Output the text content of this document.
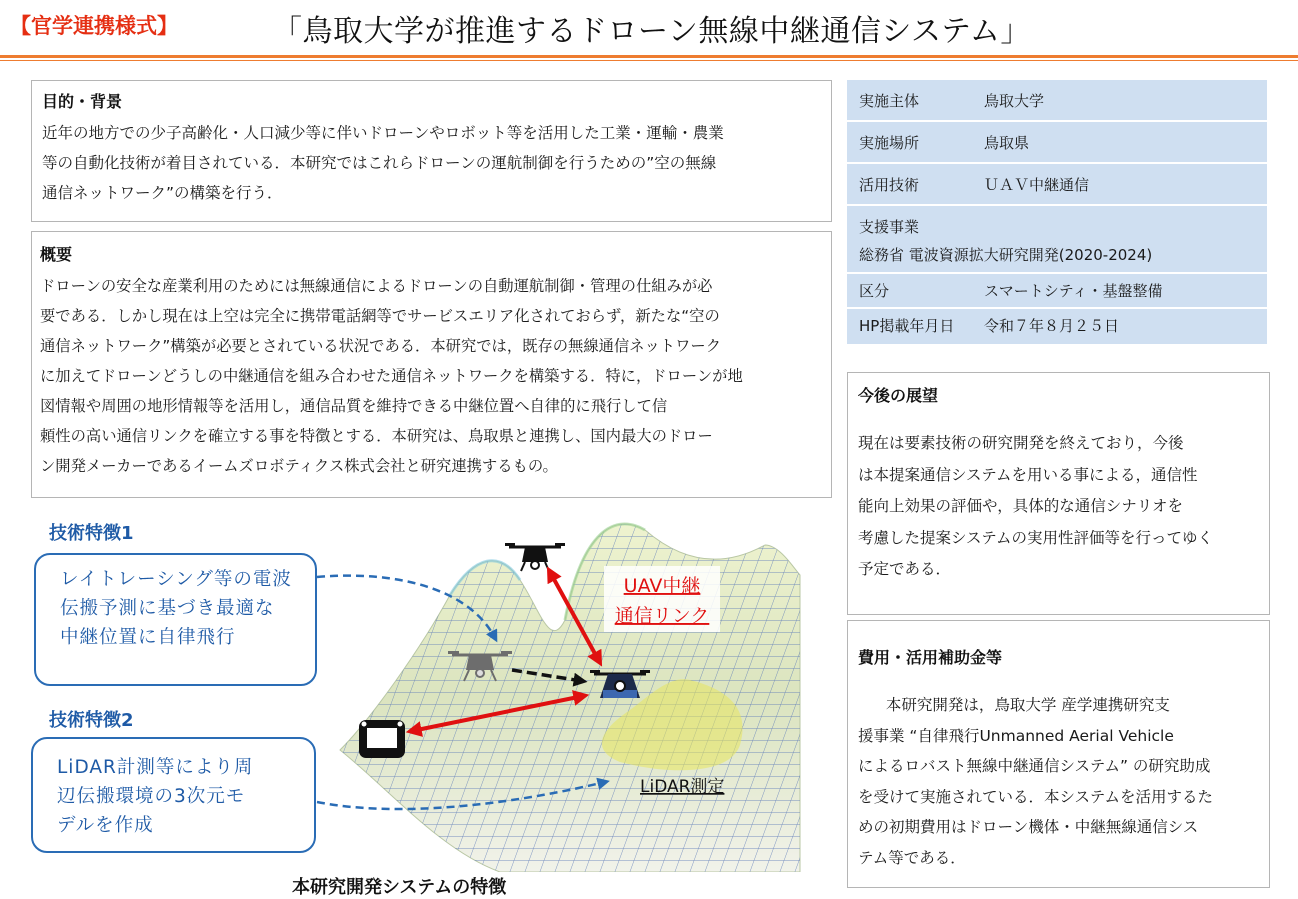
【官学連携様式】	「鳥取大学が推進するドローン無線中継通信システム」
目的・背景

近年の地方での少子高齢化・人口減少等に伴いドローンやロボット等を活用した工業・運輸・農業

等の自動化技術が着目されている．本研究ではこれらドローンの運航制御を行うための”空の無線

通信ネットワーク”の構築を行う．

概要

ドローンの安全な産業利用のためには無線通信によるドローンの自動運航制御・管理の仕組みが必

要である．しかし現在は上空は完全に携帯電話網等でサービスエリア化されておらず，新たな“空の

通信ネットワーク”構築が必要とされている状況である．本研究では，既存の無線通信ネットワーク

に加えてドローンどうしの中継通信を組み合わせた通信ネットワークを構築する．特に，ドローンが地

図情報や周囲の地形情報等を活用し，通信品質を維持できる中継位置へ自律的に飛行して信

頼性の高い通信リンクを確立する事を特徴とする．本研究は、鳥取県と連携し、国内最大のドロー

ン開発メーカーであるイームズロボティクス株式会社と研究連携するもの。

実施主体	鳥取大学
実施場所	鳥取県
活用技術	ＵＡＶ中継通信
支援事業
総務省 電波資源拡大研究開発(2020-2024)
区分	スマートシティ・基盤整備
HP掲載年月日 令和７年８月２５日
今後の展望

現在は要素技術の研究開発を終えており，今後

は本提案通信システムを用いる事による，通信性

能向上効果の評価や，具体的な通信シナリオを

考慮した提案システムの実用性評価等を行ってゆく

予定である．

費用・活用補助金等

本研究開発は，鳥取大学 産学連携研究支

援事業 “自律飛行Unmanned Aerial Vehicle

によるロバスト無線中継通信システム” の研究助成

を受けて実施されている．本システムを活用するた

めの初期費用はドローン機体・中継無線通信シス

テム等である．

UAV中継
通信リンク
LiDAR測定
技術特徴1
レイトレーシング等の電波
伝搬予測に基づき最適な
中継位置に自律飛行
技術特徴2
LiDAR計測等により周
辺伝搬環境の3次元モ
デルを作成
本研究開発システムの特徴
